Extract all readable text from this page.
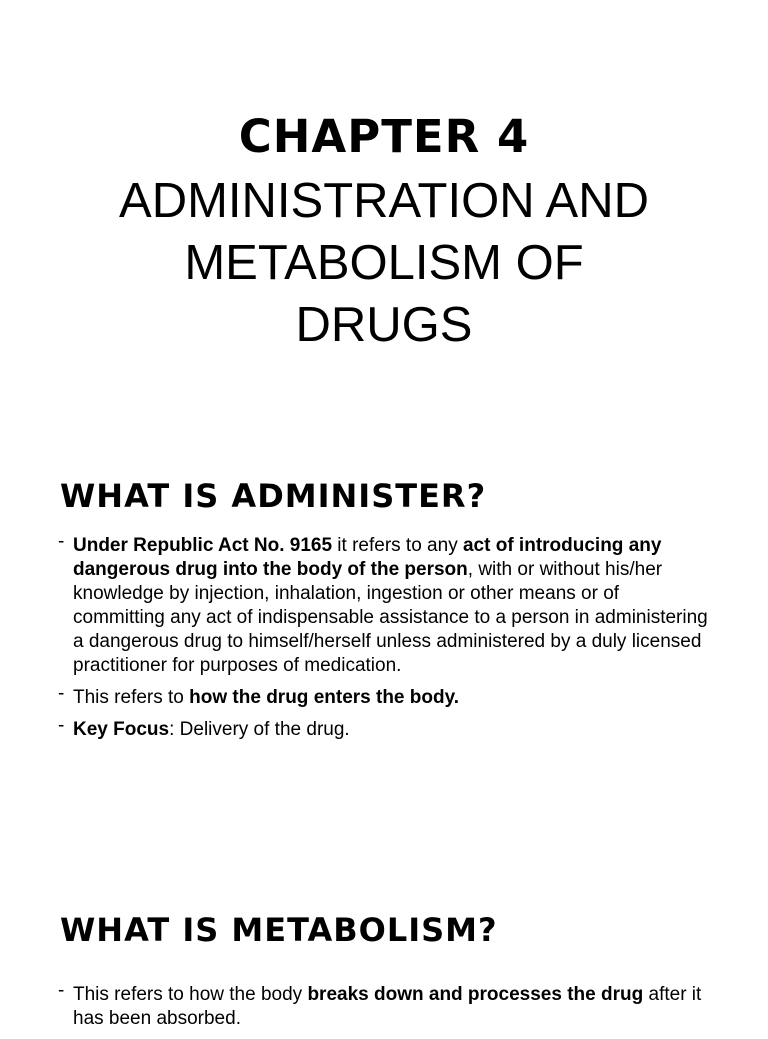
CHAPTER 4
ADMINISTRATION AND
METABOLISM OF
DRUGS
WHAT IS ADMINISTER?
- Under Republic Act No. 9165 it refers to any act of introducing any dangerous drug into the body of the person, with or without his/her knowledge by injection, inhalation, ingestion or other means or of committing any act of indispensable assistance to a person in administering a dangerous drug to himself/herself unless administered by a duly licensed practitioner for purposes of medication.
- This refers to how the drug enters the body.
- Key Focus: Delivery of the drug.
WHAT IS METABOLISM?
- This refers to how the body breaks down and processes the drug after it has been absorbed.
